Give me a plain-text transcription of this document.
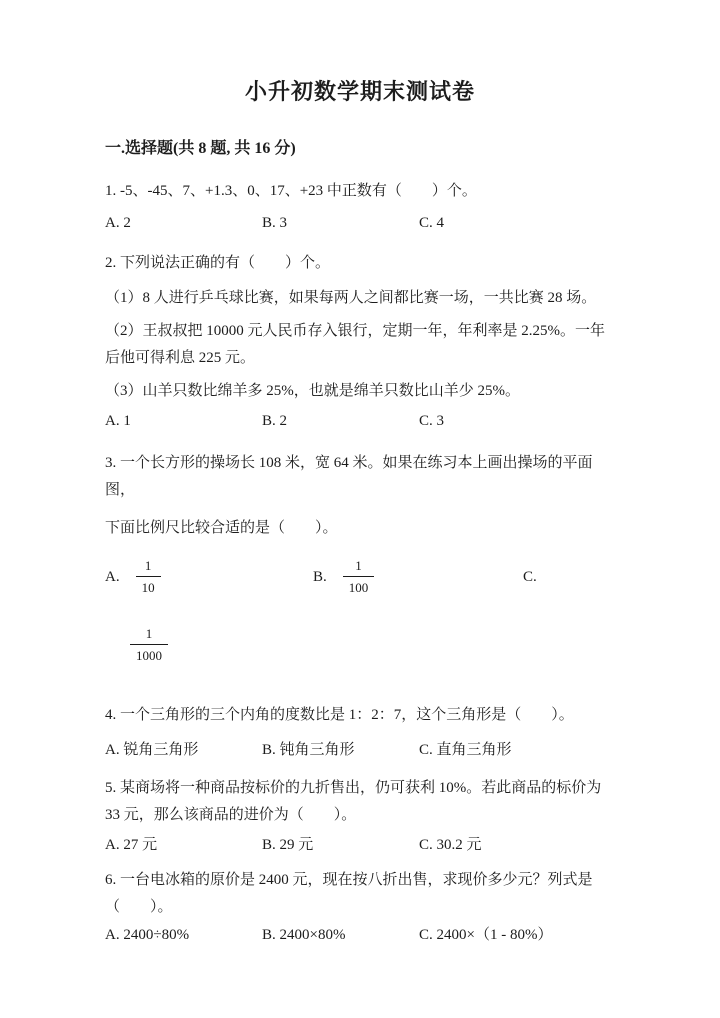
小升初数学期末测试卷
一.选择题(共 8 题, 共 16 分)

1. -5、-45、7、+1.3、0、17、+23 中正数有（　　）个。

A. 2	B. 3	C. 4

2. 下列说法正确的有（　　）个。

（1）8 人进行乒乓球比赛，如果每两人之间都比赛一场，一共比赛 28 场。

（2）王叔叔把 10000 元人民币存入银行，定期一年，年利率是 2.25%。一年后他可得利息 225 元。

（3）山羊只数比绵羊多 25%，也就是绵羊只数比山羊少 25%。

A. 1	B. 2	C. 3

3. 一个长方形的操场长 108 米，宽 64 米。如果在练习本上画出操场的平面图，

下面比例尺比较合适的是（　　）。

A. $\frac{1}{10}$	B. $\frac{1}{100}$	C.
$\frac{1}{1000}$

4. 一个三角形的三个内角的度数比是 1：2：7，这个三角形是（　　）。

A. 锐角三角形	B. 钝角三角形	C. 直角三角形

5. 某商场将一种商品按标价的九折售出，仍可获利 10%。若此商品的标价为 33 元，那么该商品的进价为（　　）。

A. 27 元	B. 29 元	C. 30.2 元

6. 一台电冰箱的原价是 2400 元，现在按八折出售，求现价多少元？列式是（　　）。

A. 2400÷80%	B. 2400×80%	C. 2400×（1 - 80%）
